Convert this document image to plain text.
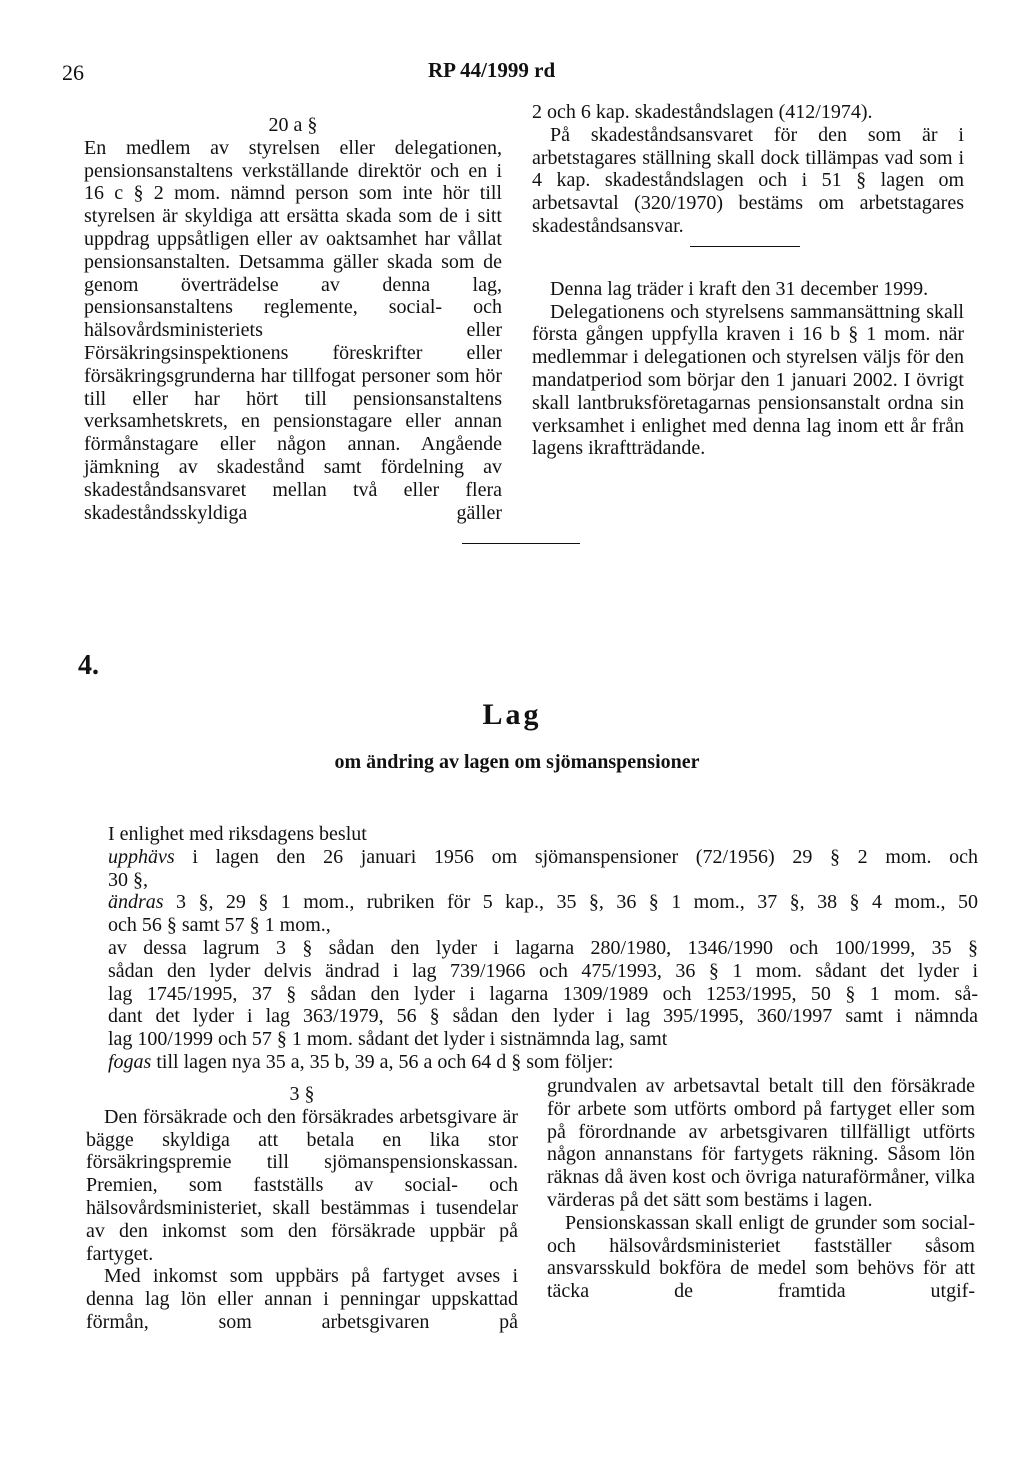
26	RP 44/1999 rd

20 a §

En medlem av styrelsen eller delegationen, pensionsanstaltens verkställande direktör och en i 16 c § 2 mom. nämnd person som inte hör till styrelsen är skyldiga att ersätta skada som de i sitt uppdrag uppsåtligen eller av oaktsamhet har vållat pensionsanstalten. Detsamma gäller skada som de genom överträdelse av denna lag, pensionsanstaltens reglemente, social- och hälsovårdsministeriets eller Försäkringsinspektionens föreskrifter eller försäkringsgrunderna har tillfogat personer som hör till eller har hört till pensionsanstaltens verksamhetskrets, en pensionstagare eller annan förmånstagare eller någon annan. Angående jämkning av skadestånd samt fördelning av skadeståndsansvaret mellan två eller flera skadeståndsskyldiga gäller

2 och 6 kap. skadeståndslagen (412/1974).

På skadeståndsansvaret för den som är i arbetstagares ställning skall dock tillämpas vad som i 4 kap. skadeståndslagen och i 51 § lagen om arbetsavtal (320/1970) bestäms om arbetstagares skadeståndsansvar.

Denna lag träder i kraft den 31 december 1999.

Delegationens och styrelsens sammansättning skall första gången uppfylla kraven i 16 b § 1 mom. när medlemmar i delegationen och styrelsen väljs för den mandatperiod som börjar den 1 januari 2002. I övrigt skall lantbruksföretagarnas pensionsanstalt ordna sin verksamhet i enlighet med denna lag inom ett år från lagens ikraftträdande.

4.
Lag
om ändring av lagen om sjömanspensioner

I enlighet med riksdagens beslut

upphävs i lagen den 26 januari 1956 om sjömanspensioner (72/1956) 29 § 2 mom. och

30 §,

ändras 3 §, 29 § 1 mom., rubriken för 5 kap., 35 §, 36 § 1 mom., 37 §, 38 § 4 mom., 50

och 56 § samt 57 § 1 mom.,

av dessa lagrum 3 § sådan den lyder i lagarna 280/1980, 1346/1990 och 100/1999, 35 §

sådan den lyder delvis ändrad i lag 739/1966 och 475/1993, 36 § 1 mom. sådant det lyder i

lag 1745/1995, 37 § sådan den lyder i lagarna 1309/1989 och 1253/1995, 50 § 1 mom. så-

dant det lyder i lag 363/1979, 56 § sådan den lyder i lag 395/1995, 360/1997 samt i nämnda

lag 100/1999 och 57 § 1 mom. sådant det lyder i sistnämnda lag, samt

fogas till lagen nya 35 a, 35 b, 39 a, 56 a och 64 d § som följer:

3 §

Den försäkrade och den försäkrades arbetsgivare är bägge skyldiga att betala en lika stor försäkringspremie till sjömanspensionskassan. Premien, som fastställs av social- och hälsovårdsministeriet, skall bestämmas i tusendelar av den inkomst som den försäkrade uppbär på fartyget.

Med inkomst som uppbärs på fartyget avses i denna lag lön eller annan i penningar uppskattad förmån, som arbetsgivaren på

grundvalen av arbetsavtal betalt till den försäkrade för arbete som utförts ombord på fartyget eller som på förordnande av arbetsgivaren tillfälligt utförts någon annanstans för fartygets räkning. Såsom lön räknas då även kost och övriga naturaförmåner, vilka värderas på det sätt som bestäms i lagen.

Pensionskassan skall enligt de grunder som social- och hälsovårdsministeriet fastställer såsom ansvarsskuld bokföra de medel som behövs för att täcka de framtida utgif-
